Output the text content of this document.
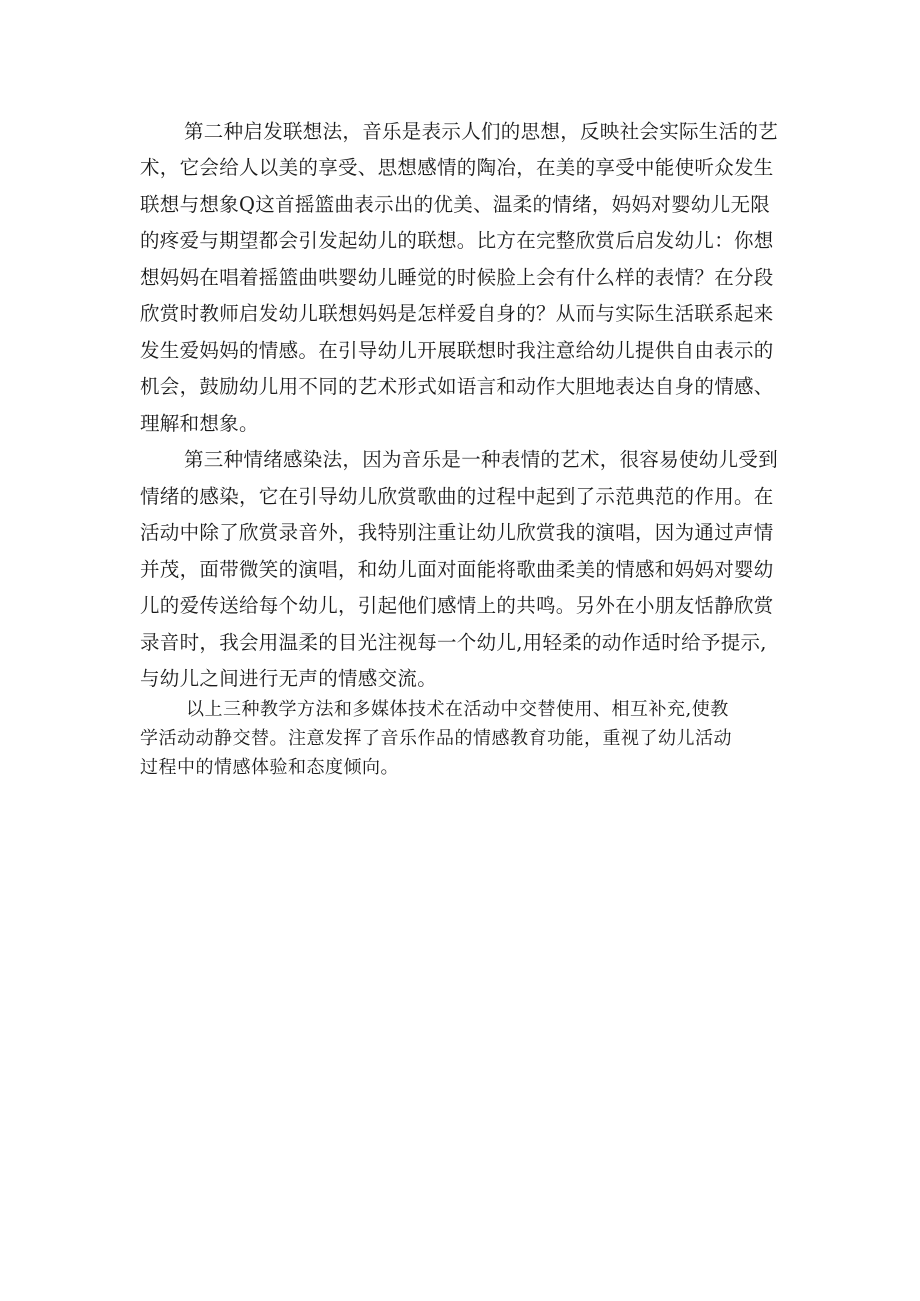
第二种启发联想法，音乐是表示人们的思想，反映社会实际生活的艺

术，它会给人以美的享受、思想感情的陶冶，在美的享受中能使听众发生

联想与想象Q这首摇篮曲表示出的优美、温柔的情绪，妈妈对婴幼儿无限

的疼爱与期望都会引发起幼儿的联想。比方在完整欣赏后启发幼儿：你想

想妈妈在唱着摇篮曲哄婴幼儿睡觉的时候脸上会有什么样的表情？在分段

欣赏时教师启发幼儿联想妈妈是怎样爱自身的？从而与实际生活联系起来

发生爱妈妈的情感。在引导幼儿开展联想时我注意给幼儿提供自由表示的

机会，鼓励幼儿用不同的艺术形式如语言和动作大胆地表达自身的情感、

理解和想象。

第三种情绪感染法，因为音乐是一种表情的艺术，很容易使幼儿受到

情绪的感染，它在引导幼儿欣赏歌曲的过程中起到了示范典范的作用。在

活动中除了欣赏录音外，我特别注重让幼儿欣赏我的演唱，因为通过声情

并茂，面带微笑的演唱，和幼儿面对面能将歌曲柔美的情感和妈妈对婴幼

儿的爱传送给每个幼儿，引起他们感情上的共鸣。另外在小朋友恬静欣赏

录音时，我会用温柔的目光注视每一个幼儿,用轻柔的动作适时给予提示,

与幼儿之间进行无声的情感交流。

以上三种教学方法和多媒体技术在活动中交替使用、相互补充,使教

学活动动静交替。注意发挥了音乐作品的情感教育功能，重视了幼儿活动

过程中的情感体验和态度倾向。
